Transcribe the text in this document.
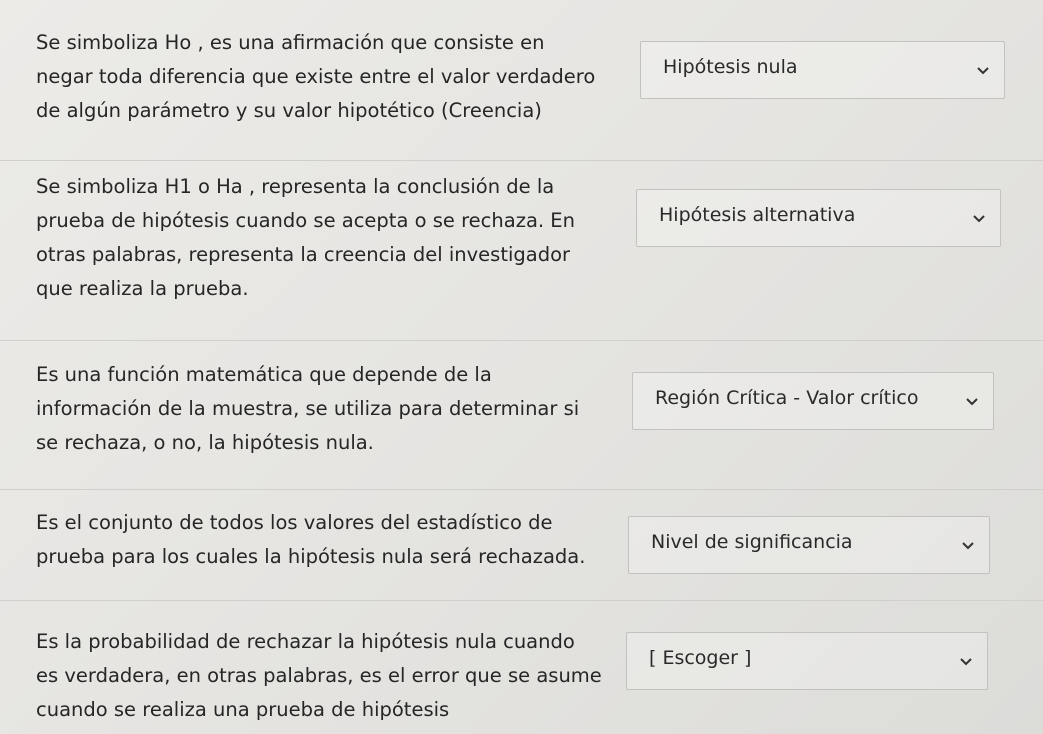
Se simboliza Ho , es una afirmación que consiste en
negar toda diferencia que existe entre el valor verdadero
de algún parámetro y su valor hipotético (Creencia)
Hipótesis nula
Se simboliza H1 o Ha , representa la conclusión de la
prueba de hipótesis cuando se acepta o se rechaza. En
otras palabras, representa la creencia del investigador
que realiza la prueba.
Hipótesis alternativa
Es una función matemática que depende de la
información de la muestra, se utiliza para determinar si
se rechaza, o no, la hipótesis nula.
Región Crítica - Valor crítico
Es el conjunto de todos los valores del estadístico de
prueba para los cuales la hipótesis nula será rechazada.
Nivel de significancia
Es la probabilidad de rechazar la hipótesis nula cuando
es verdadera, en otras palabras, es el error que se asume
cuando se realiza una prueba de hipótesis
[ Escoger ]
